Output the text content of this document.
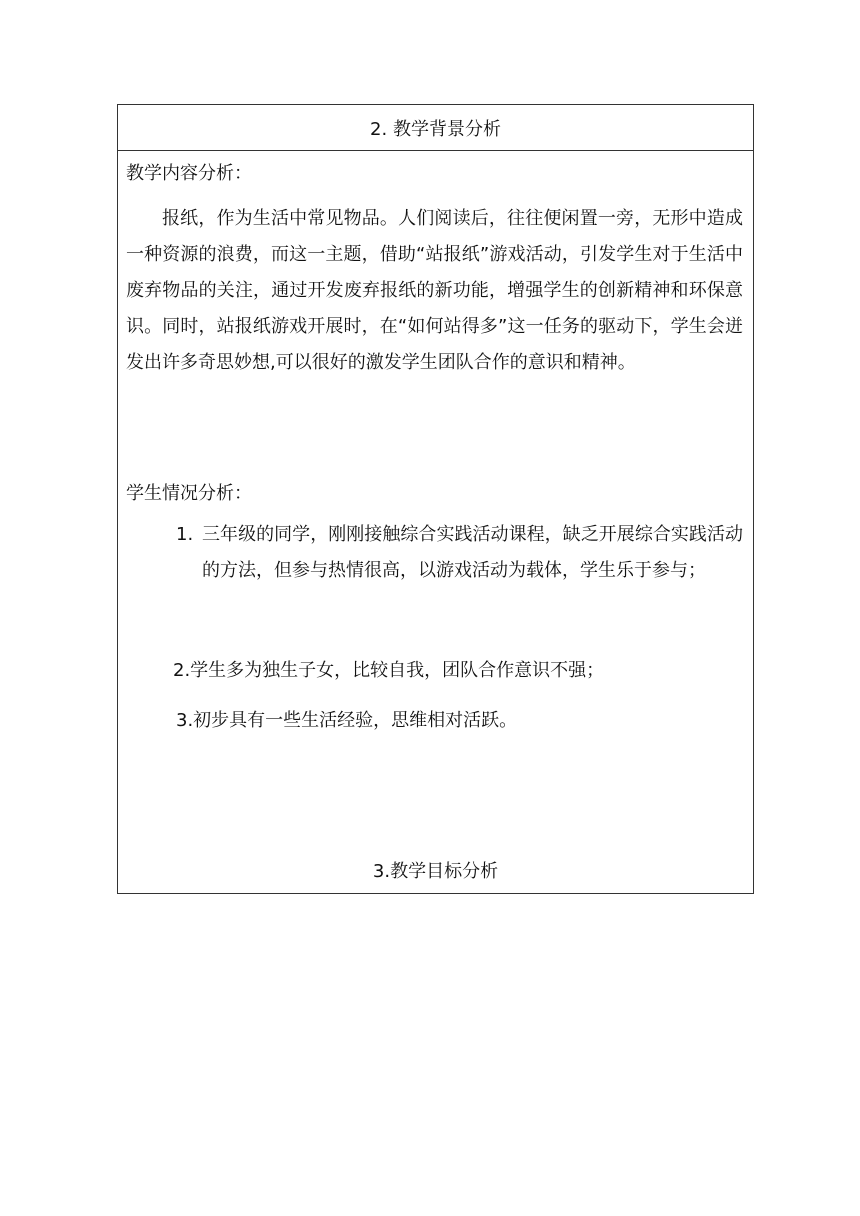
2. 教学背景分析
教学内容分析：
报纸，作为生活中常见物品。人们阅读后，往往便闲置一旁，无形中造成一种资源的浪费，而这一主题，借助“站报纸”游戏活动，引发学生对于生活中废弃物品的关注，通过开发废弃报纸的新功能，增强学生的创新精神和环保意识。同时，站报纸游戏开展时，在“如何站得多”这一任务的驱动下，学生会迸发出许多奇思妙想,可以很好的激发学生团队合作的意识和精神。
学生情况分析：
1. 三年级的同学，刚刚接触综合实践活动课程，缺乏开展综合实践活动的方法，但参与热情很高，以游戏活动为载体，学生乐于参与；
2.学生多为独生子女，比较自我，团队合作意识不强；
3.初步具有一些生活经验，思维相对活跃。
3.教学目标分析
